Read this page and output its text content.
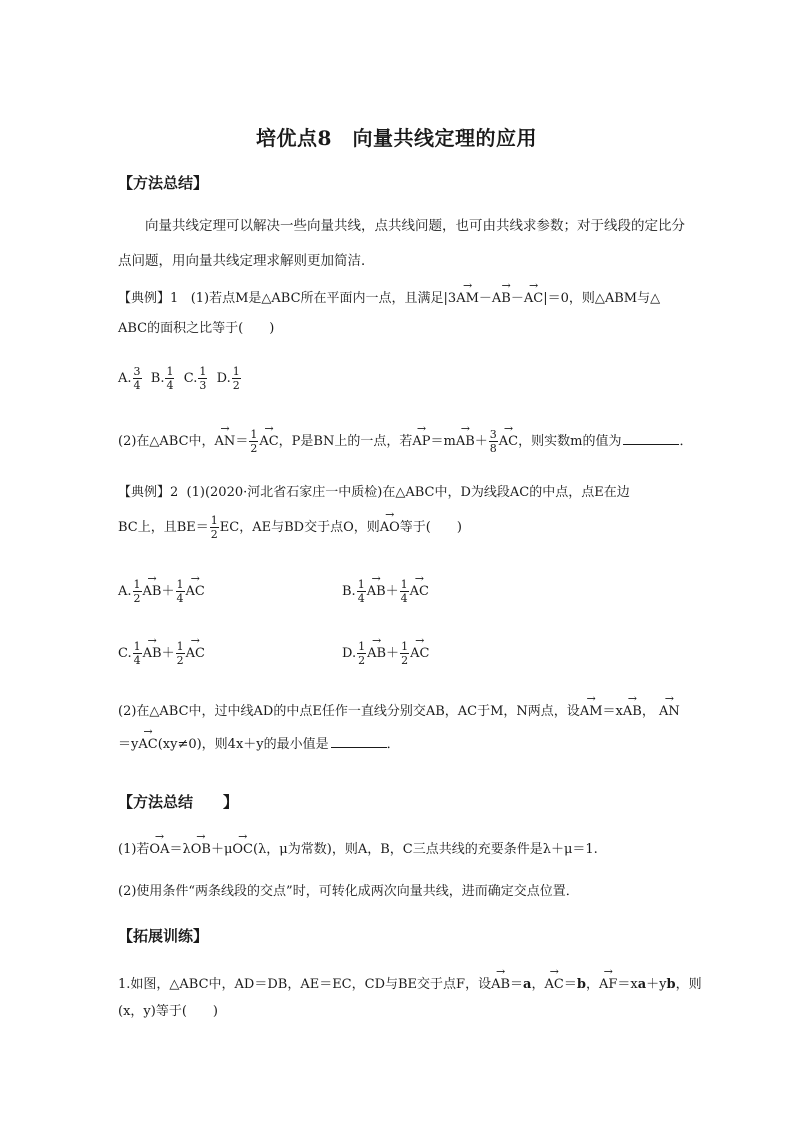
培优点8　向量共线定理的应用
【方法总结】
向量共线定理可以解决一些向量共线，点共线问题，也可由共线求参数；对于线段的定比分点问题，用向量共线定理求解则更加简洁．
【典例】1 (1)若点M是△ABC所在平面内一点，且满足|3→ AM－A→ B－→ AC|＝0，则△ABM与△
ABC的面积之比等于(　　)
A. $\frac{3}{4} B$. $\frac{1}{4} C$. $\frac{1}{3} D$. $\frac{1}{2}$
(2)在△ABC中，→ $AN= \frac{1}{2}$
→ AC，P是BN上的一点，若→ $AP=m\to AB+ \frac{3}{8}$
→ AC，则实数m的值为	．
【典例】2 (1)(2020·河北省石家庄一中质检)在△ABC中，D为线段AC的中点，点E在边
BC上，且$BE= \frac{1}{2}$ EC，AE与BD交于点O，则→ AO等于(　　)
A. $\frac{1}{2}$
→ $AB+ \frac{1}{4}$
→ AC	B. $\frac{1}{4}$
→ $AB+ \frac{1}{4}$
→ AC
C. $\frac{1}{4}$
→ $AB+ \frac{1}{2}$
→ AC	D. $\frac{1}{2}$
→ $AB+ \frac{1}{2}$
→ AC
(2)在△ABC中，过中线AD的中点E任作一直线分别交AB，AC于M，N两点，设→ AM＝x→ AB， → AN
＝y→ AC(xy≠0)，则4x＋y的最小值是	．
【方法总结　　】
(1)若→ OA＝λ→ OB＋μ→ OC(λ，μ为常数)，则A，B，C三点共线的充要条件是λ＋μ＝1.
(2)使用条件“两条线段的交点”时，可转化成两次向量共线，进而确定交点位置．
【拓展训练】
1.如图，△ABC中，AD＝DB，AE＝EC，CD与BE交于点F，设→ AB＝a，→ AC＝b，→ AF＝xa＋yb，则
(x，y)等于(　　)
